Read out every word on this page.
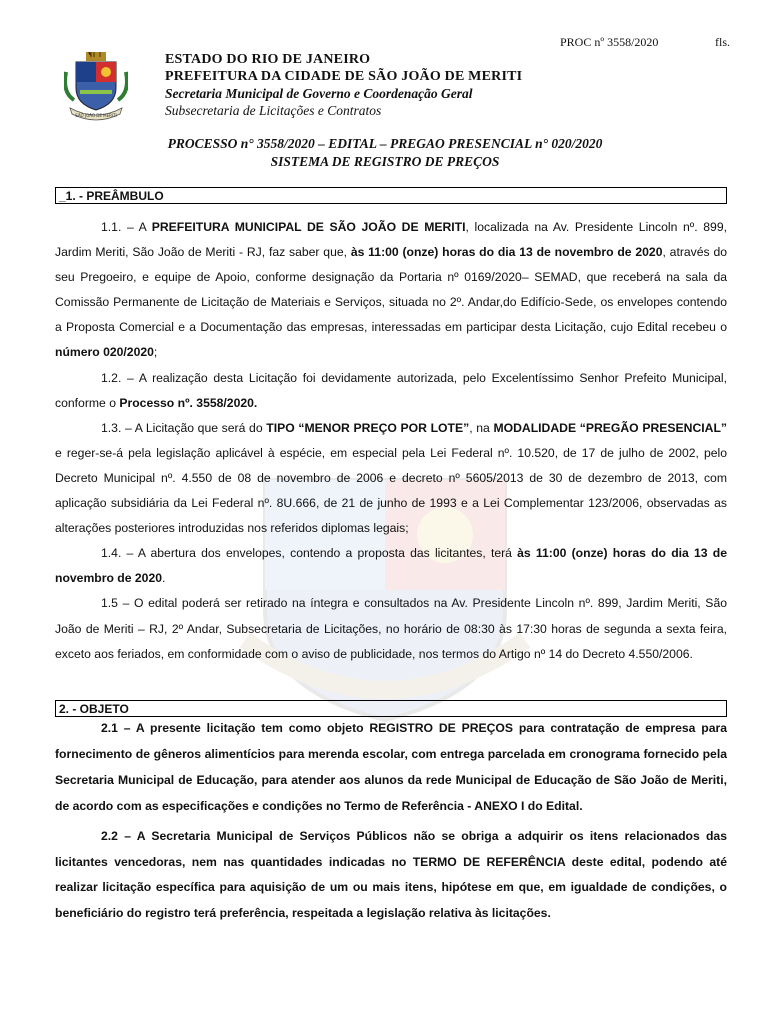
PROC nº 3558/2020	fls.
SÃO JOÃO DE MERITI
ESTADO DO RIO DE JANEIRO
PREFEITURA DA CIDADE DE SÃO JOÃO DE MERITI
Secretaria Municipal de Governo e Coordenação Geral
Subsecretaria de Licitações e Contratos
PROCESSO n° 3558/2020 – EDITAL – PREGAO PRESENCIAL n° 020/2020
SISTEMA DE REGISTRO DE PREÇOS
_1. - PREÂMBULO

1.1. – A PREFEITURA MUNICIPAL DE SÃO JOÃO DE MERITI, localizada na Av. Presidente Lincoln nº. 899, Jardim Meriti, São João de Meriti - RJ, faz saber que, às 11:00 (onze) horas do dia 13 de novembro de 2020, através do seu Pregoeiro, e equipe de Apoio, conforme designação da Portaria nº 0169/2020– SEMAD, que receberá na sala da Comissão Permanente de Licitação de Materiais e Serviços, situada no 2º. Andar,do Edifício-Sede, os envelopes contendo a Proposta Comercial e a Documentação das empresas, interessadas em participar desta Licitação, cujo Edital recebeu o número 020/2020;

1.2. – A realização desta Licitação foi devidamente autorizada, pelo Excelentíssimo Senhor Prefeito Municipal, conforme o Processo nº. 3558/2020.

1.3. – A Licitação que será do TIPO “MENOR PREÇO POR LOTE”, na MODALIDADE “PREGÃO PRESENCIAL” e reger-se-á pela legislação aplicável à espécie, em especial pela Lei Federal nº. 10.520, de 17 de julho de 2002, pelo Decreto Municipal nº. 4.550 de 08 de novembro de 2006 e decreto nº 5605/2013 de 30 de dezembro de 2013, com aplicação subsidiária da Lei Federal nº. 8U.666, de 21 de junho de 1993 e a Lei Complementar 123/2006, observadas as alterações posteriores introduzidas nos referidos diplomas legais;

1.4. – A abertura dos envelopes, contendo a proposta das licitantes, terá às 11:00 (onze) horas do dia 13 de novembro de 2020.

1.5 – O edital poderá ser retirado na íntegra e consultados na Av. Presidente Lincoln nº. 899, Jardim Meriti, São João de Meriti – RJ, 2º Andar, Subsecretaria de Licitações, no horário de 08:30 às 17:30 horas de segunda a sexta feira, exceto aos feriados, em conformidade com o aviso de publicidade, nos termos do Artigo nº 14 do Decreto 4.550/2006.

2. - OBJETO

2.1 – A presente licitação tem como objeto REGISTRO DE PREÇOS para contratação de empresa para fornecimento de gêneros alimentícios para merenda escolar, com entrega parcelada em cronograma fornecido pela Secretaria Municipal de Educação, para atender aos alunos da rede Municipal de Educação de São João de Meriti, de acordo com as especificações e condições no Termo de Referência - ANEXO I do Edital.

2.2 – A Secretaria Municipal de Serviços Públicos não se obriga a adquirir os itens relacionados das licitantes vencedoras, nem nas quantidades indicadas no TERMO DE REFERÊNCIA deste edital, podendo até realizar licitação específica para aquisição de um ou mais itens, hipótese em que, em igualdade de condições, o beneficiário do registro terá preferência, respeitada a legislação relativa às licitações.
